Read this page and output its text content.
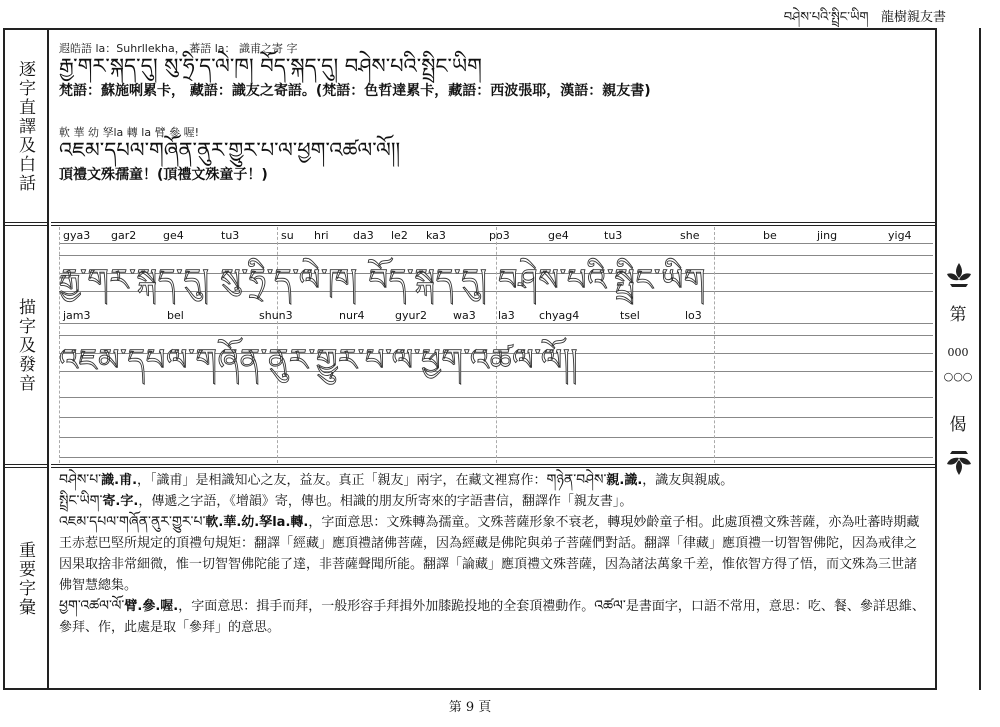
བཤེས་པའི་སྤྲིང་ཡིག 龍樹親友書
逐字直譯及白話
描字及發音
重要字彙
遐皓語 la：Suhrllekha， 蕃語 la： 識甫之寄 字
རྒྱ་གར་སྐད་དུ། སུ་ཧྲི་ད་ལེ་ཁ། བོད་སྐད་དུ། བཤེས་པའི་སྤྲིང་ཡིག
梵語：蘇施唎累卡， 藏語：識友之寄語。(梵語：色哲達累卡，藏語：西波張耶，漢語：親友書)
軟 華 幼 孥la 轉 la 臂 參 喔!
འཇམ་དཔལ་གཞོན་ནུར་གྱུར་པ་ལ་ཕྱག་འཚལ་ལོ།།
頂禮文殊孺童！(頂禮文殊童子！)
gya3 gar2 ge4	tu3	su hri da3 le2 ka3	po3	ge4	tu3	she	be	jing	yig4
རྒྱ་གར་སྐད་དུ། སུ་ཧྲི་ད་ལེ་ཁ། བོད་སྐད་དུ། བཤེས་པའི་སྤྲིང་ཡིག
jam3	bel	shun3	nur4	gyur2 wa3 la3 chyag4	tsel	lo3
འཇམ་དཔལ་གཞོན་ནུར་གྱུར་པ་ལ་ཕྱག་འཚལ་ལོ།།

བཤེས་པ་識.甫.，「識甫」是相識知心之友，益友。真正「親友」兩字，在藏文裡寫作：གཉེན་བཤེས་親.識.，識友與親戚。

སྤྲིང་ཡིག་寄.字.，傳遞之字語，《增韻》寄，傳也。相識的朋友所寄來的字語書信，翻譯作「親友書」。

འཇམ་དཔལ་གཞོན་ནུར་གྱུར་པ་軟.華.幼.孥la.轉.，字面意思：文殊轉為孺童。文殊菩薩形象不衰老，轉現妙齡童子相。此處頂禮文殊菩薩，亦為吐蕃時期藏王赤惹巴堅所規定的頂禮句規矩：翻譯「經藏」應頂禮諸佛菩薩，因為經藏是佛陀與弟子菩薩們對話。翻譯「律藏」應頂禮一切智智佛陀，因為戒律之因果取捨非常細微，惟一切智智佛陀能了達，非菩薩聲聞所能。翻譯「論藏」應頂禮文殊菩薩，因為諸法萬象千差，惟依智方得了悟，而文殊為三世諸佛智慧總集。

ཕྱག་འཚལ་ལོ་臂.參.喔.，字面意思：揖手而拜，一般形容手拜揖外加膝跪投地的全套頂禮動作。འཚལ་是書面字，口語不常用，意思：吃、餐、參詳思維、參拜、作，此處是取「參拜」的意思。

第
000
○○○
偈
第 9 頁
